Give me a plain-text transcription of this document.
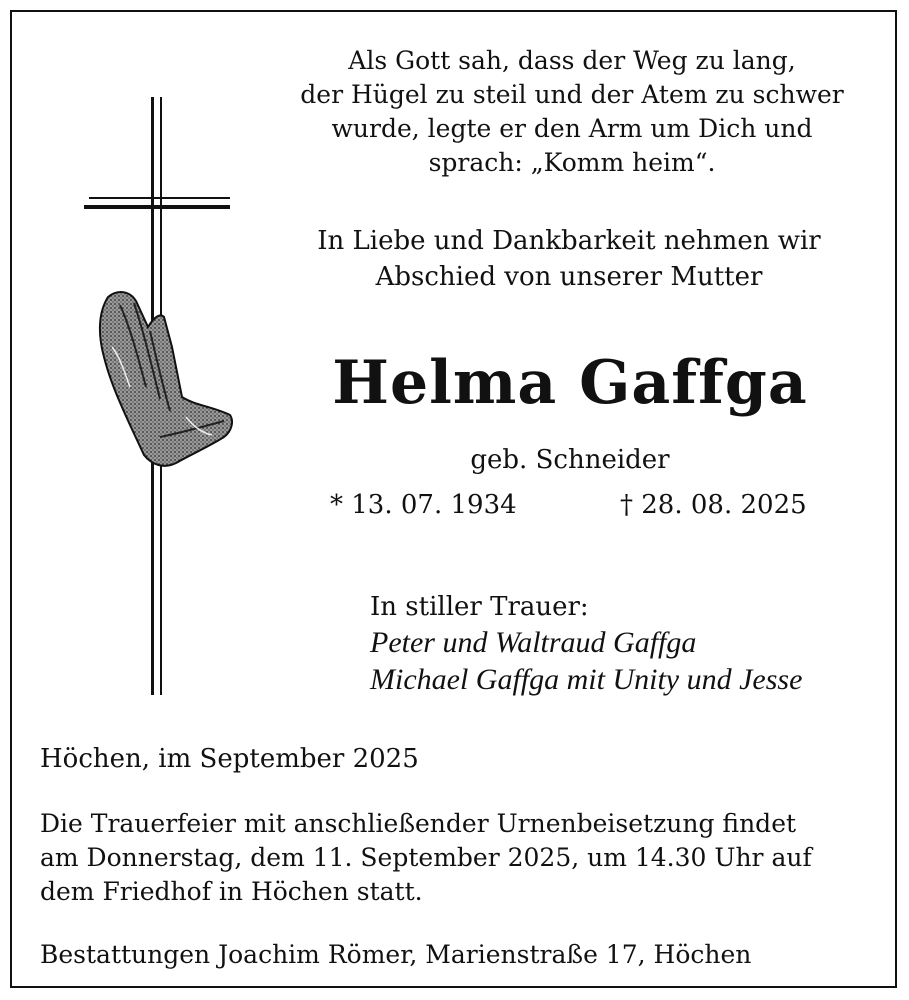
Als Gott sah, dass der Weg zu lang,
der Hügel zu steil und der Atem zu schwer
wurde, legte er den Arm um Dich und
sprach: „Komm heim“.
In Liebe und Dankbarkeit nehmen wir
Abschied von unserer Mutter
Helma Gaffga
geb. Schneider
* 13. 07. 1934	† 28. 08. 2025
In stiller Trauer:
Peter und Waltraud Gaffga
Michael Gaffga mit Unity und Jesse
Höchen, im September 2025
Die Trauerfeier mit anschließender Urnenbeisetzung findet
am Donnerstag, dem 11. September 2025, um 14.30 Uhr auf
dem Friedhof in Höchen statt.
Bestattungen Joachim Römer, Marienstraße 17, Höchen
